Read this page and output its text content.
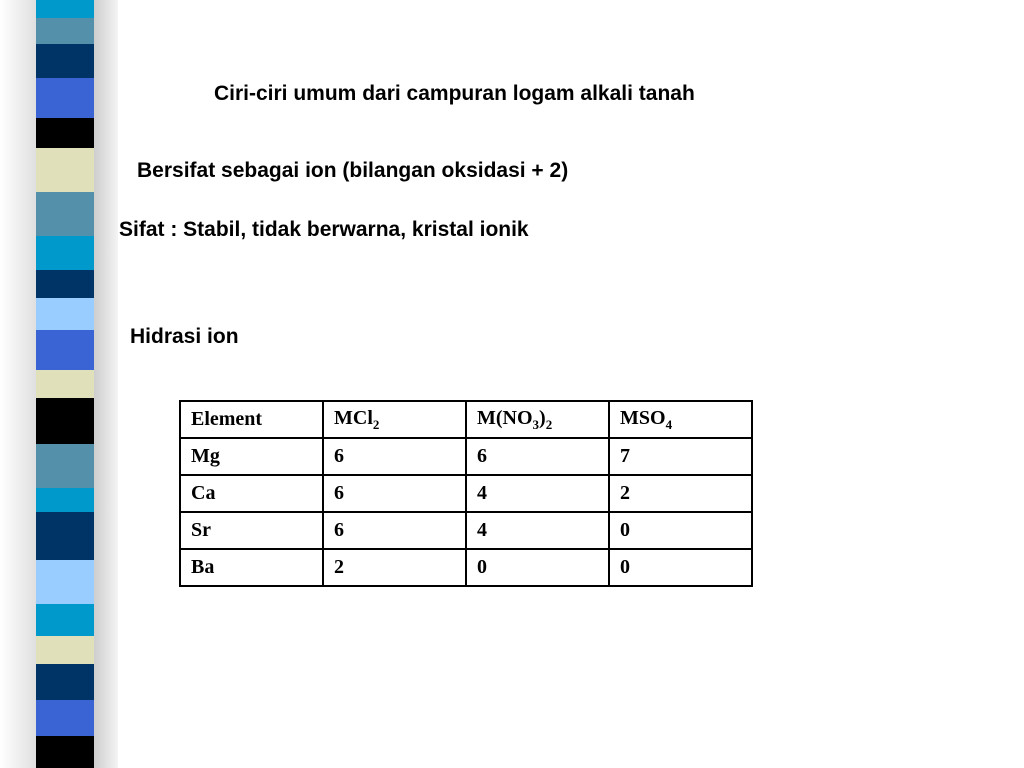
Ciri-ciri umum dari campuran logam alkali tanah
Bersifat sebagai ion (bilangan oksidasi + 2)
Sifat : Stabil, tidak berwarna, kristal ionik
Hidrasi ion
Element	MCl$_2$	$M(NO_3)_2$	$MSO_4$
Mg	6	6	7
Ca	6	4	2
Sr	6	4	0
Ba	2	0	0
